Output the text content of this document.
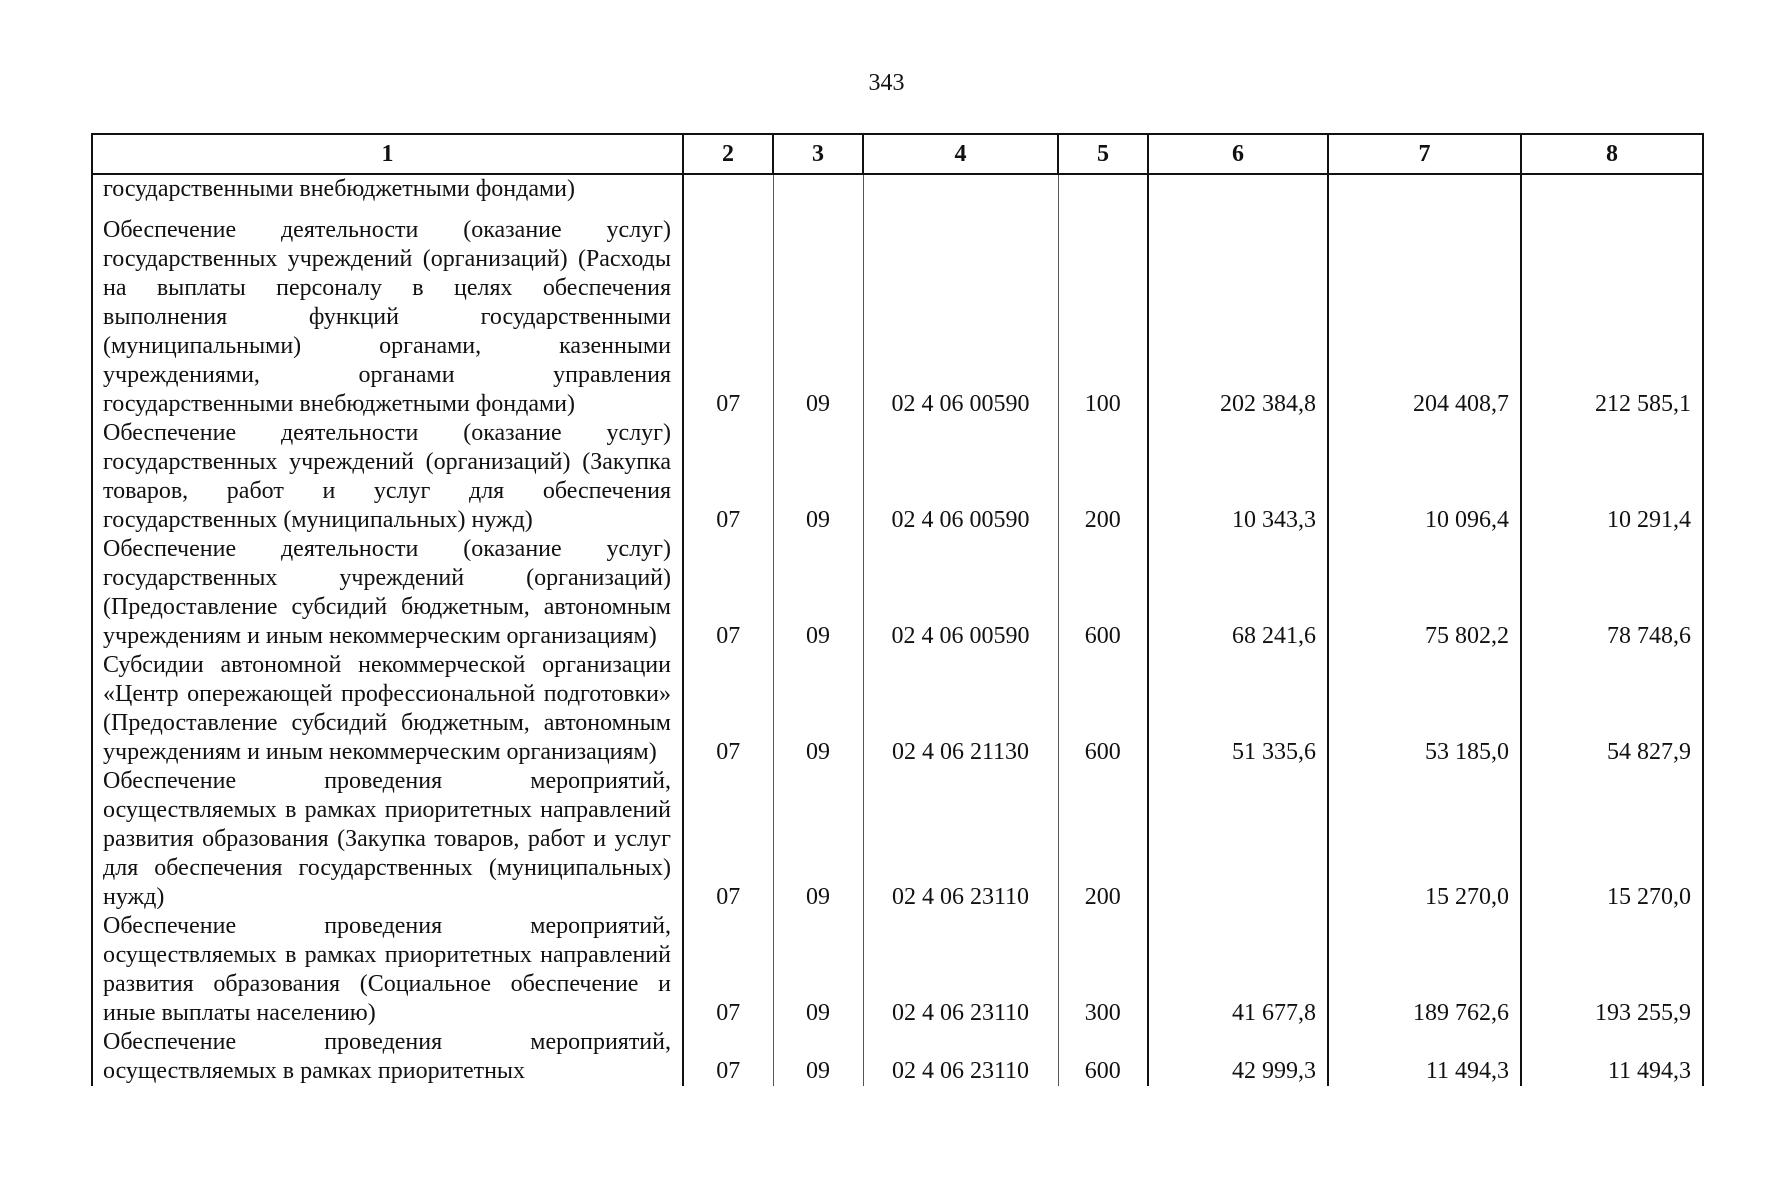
343
1	2	3	4	5	6	7	8
государственными внебюджетными фондами)							
Обеспечение деятельности (оказание услуг) государственных учреждений (организаций) (Расходы на выплаты персоналу в целях обеспечения выполнения функций государственными (муниципальными) органами, казенными учреждениями, органами управления государственными внебюджетными фондами)	07	09	02 4 06 00590	100	202 384,8	204 408,7	212 585,1
Обеспечение деятельности (оказание услуг) государственных учреждений (организаций) (Закупка товаров, работ и услуг для обеспечения государственных (муниципальных) нужд)	07	09	02 4 06 00590	200	10 343,3	10 096,4	10 291,4
Обеспечение деятельности (оказание услуг) государственных учреждений (организаций) (Предоставление субсидий бюджетным, автономным учреждениям и иным некоммерческим организациям)	07	09	02 4 06 00590	600	68 241,6	75 802,2	78 748,6
Субсидии автономной некоммерческой организации «Центр опережающей профессиональной подготовки» (Предоставление субсидий бюджетным, автономным учреждениям и иным некоммерческим организациям)	07	09	02 4 06 21130	600	51 335,6	53 185,0	54 827,9
Обеспечение проведения мероприятий, осуществляемых в рамках приоритетных направлений развития образования (Закупка товаров, работ и услуг для обеспечения государственных (муниципальных) нужд)	07	09	02 4 06 23110	200		15 270,0	15 270,0
Обеспечение проведения мероприятий, осуществляемых в рамках приоритетных направлений развития образования (Социальное обеспечение и иные выплаты населению)	07	09	02 4 06 23110	300	41 677,8	189 762,6	193 255,9
Обеспечение проведения мероприятий, осуществляемых в рамках приоритетных	07	09	02 4 06 23110	600	42 999,3	11 494,3	11 494,3
